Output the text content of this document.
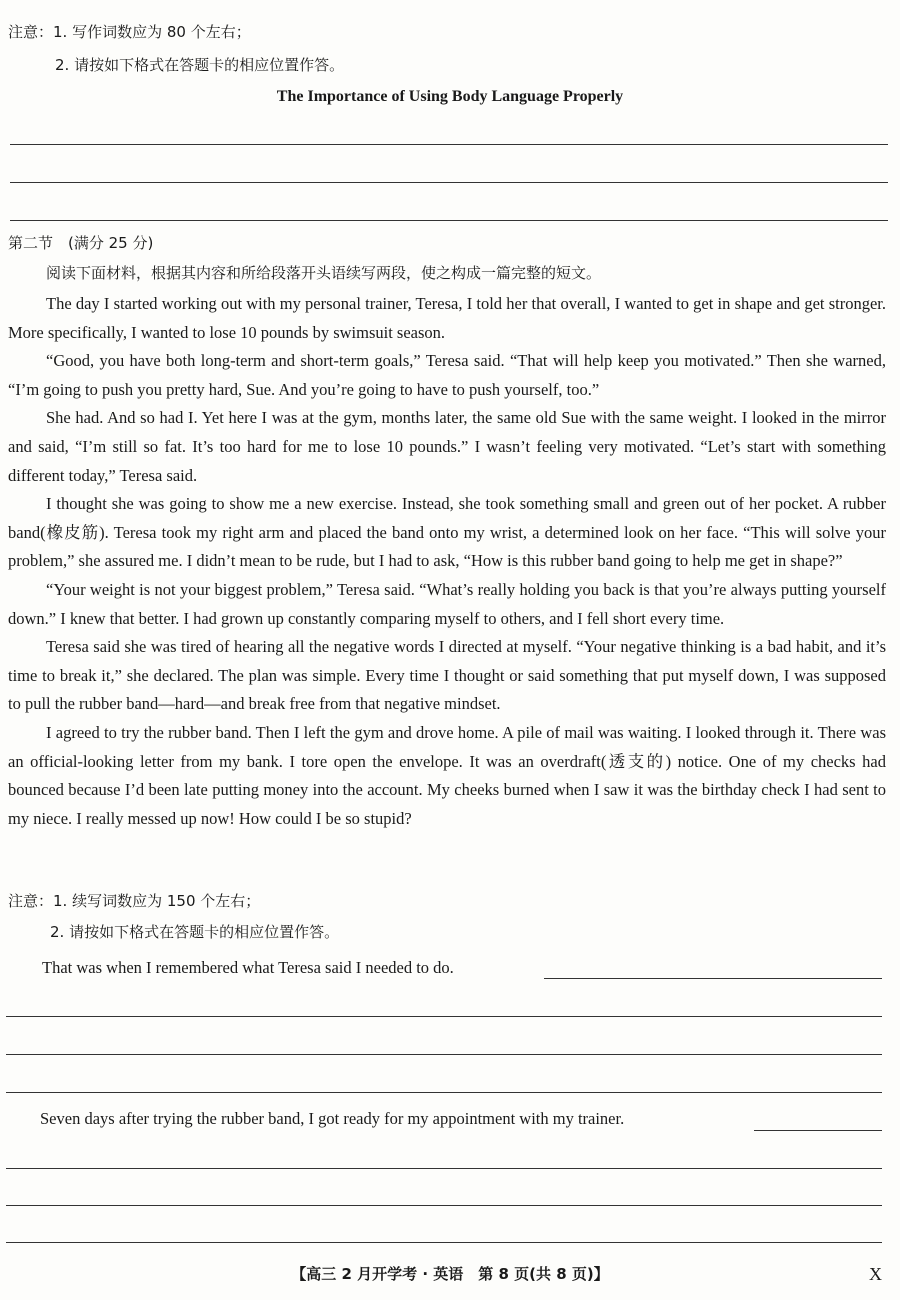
注意：1. 写作词数应为 80 个左右；
2. 请按如下格式在答题卡的相应位置作答。
The Importance of Using Body Language Properly
第二节　(满分 25 分)
阅读下面材料，根据其内容和所给段落开头语续写两段，使之构成一篇完整的短文。
The day I started working out with my personal trainer, Teresa, I told her that overall, I wanted to get in shape and get stronger. More specifically, I wanted to lose 10 pounds by swimsuit season.
“Good, you have both long-term and short-term goals,” Teresa said. “That will help keep you motivated.” Then she warned, “I’m going to push you pretty hard, Sue. And you’re going to have to push yourself, too.”
She had. And so had I. Yet here I was at the gym, months later, the same old Sue with the same weight. I looked in the mirror and said, “I’m still so fat. It’s too hard for me to lose 10 pounds.” I wasn’t feeling very motivated. “Let’s start with something different today,” Teresa said.
I thought she was going to show me a new exercise. Instead, she took something small and green out of her pocket. A rubber band(橡皮筋). Teresa took my right arm and placed the band onto my wrist, a determined look on her face. “This will solve your problem,” she assured me. I didn’t mean to be rude, but I had to ask, “How is this rubber band going to help me get in shape?”
“Your weight is not your biggest problem,” Teresa said. “What’s really holding you back is that you’re always putting yourself down.” I knew that better. I had grown up constantly comparing myself to others, and I fell short every time.
Teresa said she was tired of hearing all the negative words I directed at myself. “Your negative thinking is a bad habit, and it’s time to break it,” she declared. The plan was simple. Every time I thought or said something that put myself down, I was supposed to pull the rubber band—hard—and break free from that negative mindset.
I agreed to try the rubber band. Then I left the gym and drove home. A pile of mail was waiting. I looked through it. There was an official-looking letter from my bank. I tore open the envelope. It was an overdraft(透支的) notice. One of my checks had bounced because I’d been late putting money into the account. My cheeks burned when I saw it was the birthday check I had sent to my niece. I really messed up now! How could I be so stupid?
注意：1. 续写词数应为 150 个左右；
2. 请按如下格式在答题卡的相应位置作答。
That was when I remembered what Teresa said I needed to do.
Seven days after trying the rubber band, I got ready for my appointment with my trainer.
【高三 2 月开学考 · 英语　第 8 页(共 8 页)】	X
